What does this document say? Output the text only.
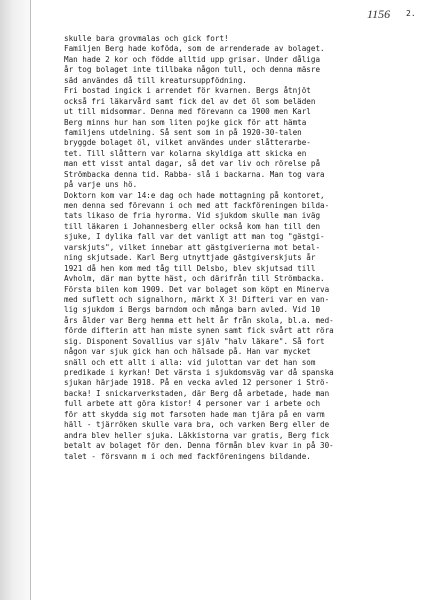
1156 2.
skulle bara grovmalas och gick fort!
Familjen Berg hade koföda, som de arrenderade av bolaget.
Man hade 2 kor och födde alltid upp grisar. Under dåliga
år tog bolaget inte tillbaka någon tull, och denna mäsre
säd användes då till kreatursuppfödning.
Fri bostad ingick i arrendet för kvarnen. Bergs åtnjöt
också fri läkarvård samt fick del av det öl som beläden
ut till midsommar. Denna med förevann ca 1900 men Karl
Berg minns hur han som liten pojke gick för att hämta
familjens utdelning. Så sent som in på 1920-30-talen
bryggde bolaget öl, vilket användes under slåtterarbe-
tet. Till slåttern var kolarna skyldiga att skicka en
man ett visst antal dagar, så det var liv och rörelse på
Strömbacka denna tid. Rabba- slå i backarna. Man tog vara
på varje uns hö.
Doktorn kom var 14:e dag och hade mottagning på kontoret,
men denna sed förevann i och med att fackföreningen bilda-
tats likaso de fria hyrorma. Vid sjukdom skulle man iväg
till läkaren i Johannesberg eller också kom han till den
sjuke, I dylika fall var det vanligt att man tog "gästgi-
varskjuts", vilket innebar att gästgiverierna mot betal-
ning skjutsade. Karl Berg utnyttjade gästgiverskjuts år
1921 då hen kom med tåg till Delsbo, blev skjutsad till
Avholm, där man bytte häst, och därifrån till Strömbacka.
Första bilen kom 1909. Det var bolaget som köpt en Minerva
med suflett och signalhorn, märkt X 3! Difteri var en van-
lig sjukdom i Bergs barndom och många barn avled. Vid 10
års ålder var Berg hemma ett helt år från skola, bl.a. med-
förde difterin att han miste synen samt fick svårt att röra
sig. Disponent Sovallius var själv "halv läkare". Så fort
någon var sjuk gick han och hälsade på. Han var mycket
snäll och ett allt i alla: vid julottan var det han som
predikade i kyrkan! Det värsta i sjukdomsväg var då spanska
sjukan härjade 1918. På en vecka avled 12 personer i Strö-
backa! I snickarverkstaden, där Berg då arbetade, hade man
full arbete att göra kistor! 4 personer var i arbete och
för att skydda sig mot farsoten hade man tjära på en varm
häll - tjärröken skulle vara bra, och varken Berg eller de
andra blev heller sjuka. Läkkistorna var gratis, Berg fick
betalt av bolaget för den. Denna förmån blev kvar in på 30-
talet - försvann m i och med fackföreningens bildande.
